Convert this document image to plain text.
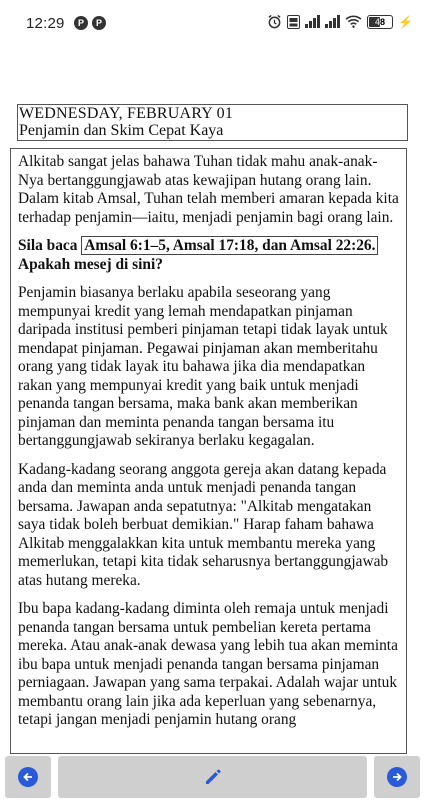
12:29	P	P	48 ⚡
WEDNESDAY, FEBRUARY 01
Penjamin dan Skim Cepat Kaya

Alkitab sangat jelas bahawa Tuhan tidak mahu anak-anak-Nya bertanggungjawab atas kewajipan hutang orang lain. Dalam kitab Amsal, Tuhan telah memberi amaran kepada kita terhadap penjamin—iaitu, menjadi penjamin bagi orang lain.

Sila baca Amsal 6:1–5, Amsal 17:18, dan Amsal 22:26. Apakah mesej di sini?

Penjamin biasanya berlaku apabila seseorang yang mempunyai kredit yang lemah mendapatkan pinjaman daripada institusi pemberi pinjaman tetapi tidak layak untuk mendapat pinjaman. Pegawai pinjaman akan memberitahu orang yang tidak layak itu bahawa jika dia mendapatkan rakan yang mempunyai kredit yang baik untuk menjadi penanda tangan bersama, maka bank akan memberikan pinjaman dan meminta penanda tangan bersama itu bertanggungjawab sekiranya berlaku kegagalan.

Kadang-kadang seorang anggota gereja akan datang kepada anda dan meminta anda untuk menjadi penanda tangan bersama. Jawapan anda sepatutnya: "Alkitab mengatakan saya tidak boleh berbuat demikian." Harap faham bahawa Alkitab menggalakkan kita untuk membantu mereka yang memerlukan, tetapi kita tidak seharusnya bertanggungjawab atas hutang mereka.

Ibu bapa kadang-kadang diminta oleh remaja untuk menjadi penanda tangan bersama untuk pembelian kereta pertama mereka. Atau anak-anak dewasa yang lebih tua akan meminta ibu bapa untuk menjadi penanda tangan bersama pinjaman perniagaan. Jawapan yang sama terpakai. Adalah wajar untuk membantu orang lain jika ada keperluan yang sebenarnya, tetapi jangan menjadi penjamin hutang orang
